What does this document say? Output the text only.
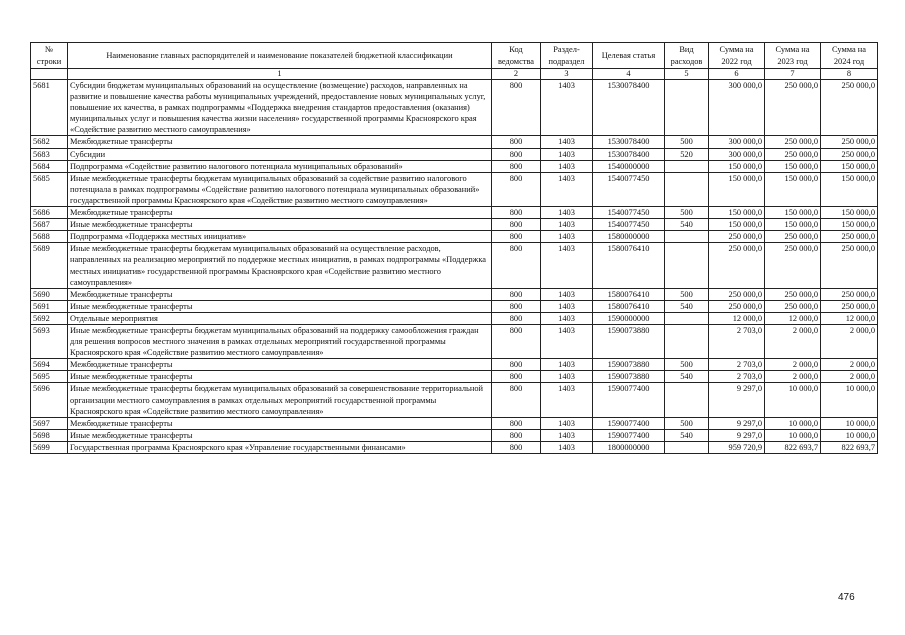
№ строки	Наименование главных распорядителей и наименование показателей бюджетной классификации	Код ведомства	Раздел-подраздел	Целевая статья	Вид расходов	Сумма на 2022 год	Сумма на 2023 год	Сумма на 2024 год
	1	2	3	4	5	6	7	8
5681	Субсидии бюджетам муниципальных образований на осуществление (возмещение) расходов, направленных на развитие и повышение качества работы муниципальных учреждений, предоставление новых муниципальных услуг, повышение их качества, в рамках подпрограммы «Поддержка внедрения стандартов предоставления (оказания) муниципальных услуг и повышения качества жизни населения» государственной программы Красноярского края «Содействие развитию местного самоуправления»	800	1403	1530078400		300 000,0	250 000,0	250 000,0
5682	Межбюджетные трансферты	800	1403	1530078400	500	300 000,0	250 000,0	250 000,0
5683	Субсидии	800	1403	1530078400	520	300 000,0	250 000,0	250 000,0
5684	Подпрограмма «Содействие развитию налогового потенциала муниципальных образований»	800	1403	1540000000		150 000,0	150 000,0	150 000,0
5685	Иные межбюджетные трансферты бюджетам муниципальных образований за содействие развитию налогового потенциала в рамках подпрограммы «Содействие развитию налогового потенциала муниципальных образований» государственной программы Красноярского края «Содействие развитию местного самоуправления»	800	1403	1540077450		150 000,0	150 000,0	150 000,0
5686	Межбюджетные трансферты	800	1403	1540077450	500	150 000,0	150 000,0	150 000,0
5687	Иные межбюджетные трансферты	800	1403	1540077450	540	150 000,0	150 000,0	150 000,0
5688	Подпрограмма «Поддержка местных инициатив»	800	1403	1580000000		250 000,0	250 000,0	250 000,0
5689	Иные межбюджетные трансферты бюджетам муниципальных образований на осуществление расходов, направленных на реализацию мероприятий по поддержке местных инициатив, в рамках подпрограммы «Поддержка местных инициатив» государственной программы Красноярского края «Содействие развитию местного самоуправления»	800	1403	1580076410		250 000,0	250 000,0	250 000,0
5690	Межбюджетные трансферты	800	1403	1580076410	500	250 000,0	250 000,0	250 000,0
5691	Иные межбюджетные трансферты	800	1403	1580076410	540	250 000,0	250 000,0	250 000,0
5692	Отдельные мероприятия	800	1403	1590000000		12 000,0	12 000,0	12 000,0
5693	Иные межбюджетные трансферты бюджетам муниципальных образований на поддержку самообложения граждан для решения вопросов местного значения в рамках отдельных мероприятий государственной программы Красноярского края «Содействие развитию местного самоуправления»	800	1403	1590073880		2 703,0	2 000,0	2 000,0
5694	Межбюджетные трансферты	800	1403	1590073880	500	2 703,0	2 000,0	2 000,0
5695	Иные межбюджетные трансферты	800	1403	1590073880	540	2 703,0	2 000,0	2 000,0
5696	Иные межбюджетные трансферты бюджетам муниципальных образований за совершенствование территориальной организации местного самоуправления в рамках отдельных мероприятий государственной программы Красноярского края «Содействие развитию местного самоуправления»	800	1403	1590077400		9 297,0	10 000,0	10 000,0
5697	Межбюджетные трансферты	800	1403	1590077400	500	9 297,0	10 000,0	10 000,0
5698	Иные межбюджетные трансферты	800	1403	1590077400	540	9 297,0	10 000,0	10 000,0
5699	Государственная программа Красноярского края «Управление государственными финансами»	800	1403	1800000000		959 720,9	822 693,7	822 693,7
476
